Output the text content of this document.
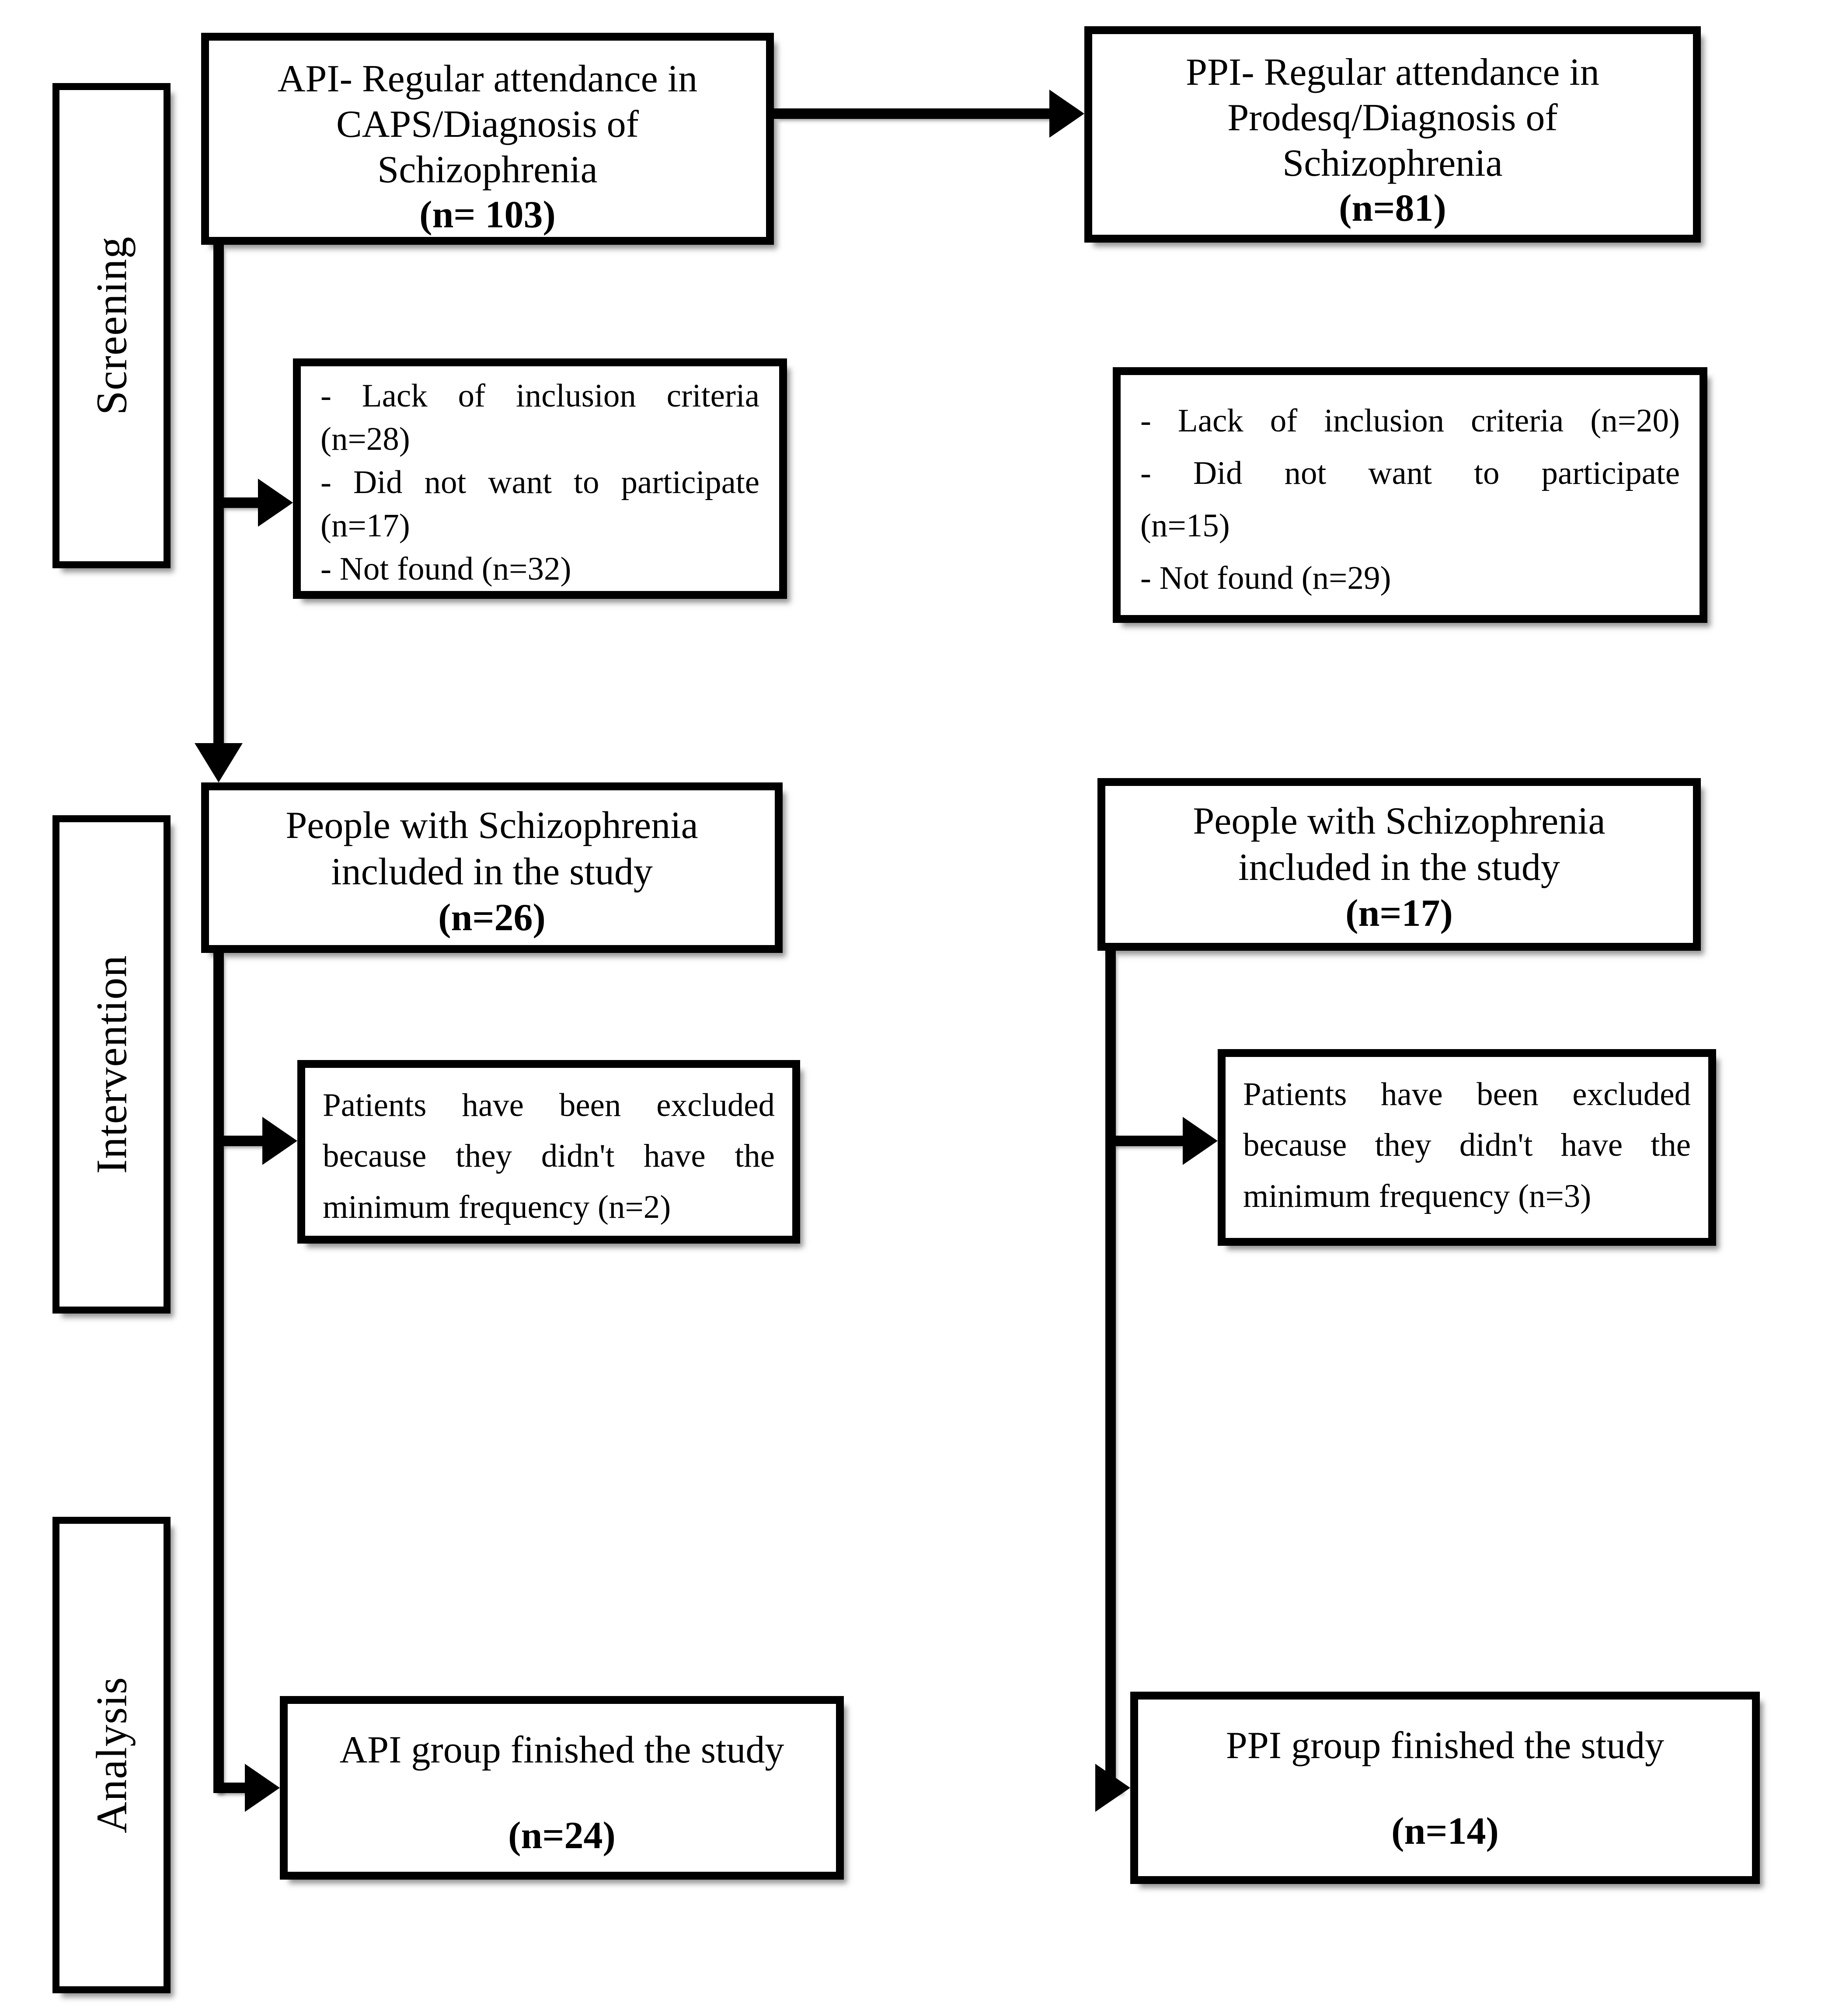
Screening
Intervention
Analysis
API- Regular attendance in
CAPS/Diagnosis of
Schizophrenia
(n= 103)
- Lack of inclusion criteria
(n=28)
- Did not want to participate
(n=17)
- Not found (n=32)
People with Schizophrenia
included in the study
(n=26)
Patients have been excluded
because they didn't have the
minimum frequency (n=2)
API group finished the study
(n=24)
PPI- Regular attendance in
Prodesq/Diagnosis of
Schizophrenia
(n=81)
- Lack of inclusion criteria (n=20)
- Did not want to participate
(n=15)
- Not found (n=29)
People with Schizophrenia
included in the study
(n=17)
Patients have been excluded
because they didn't have the
minimum frequency (n=3)
PPI group finished the study
(n=14)
